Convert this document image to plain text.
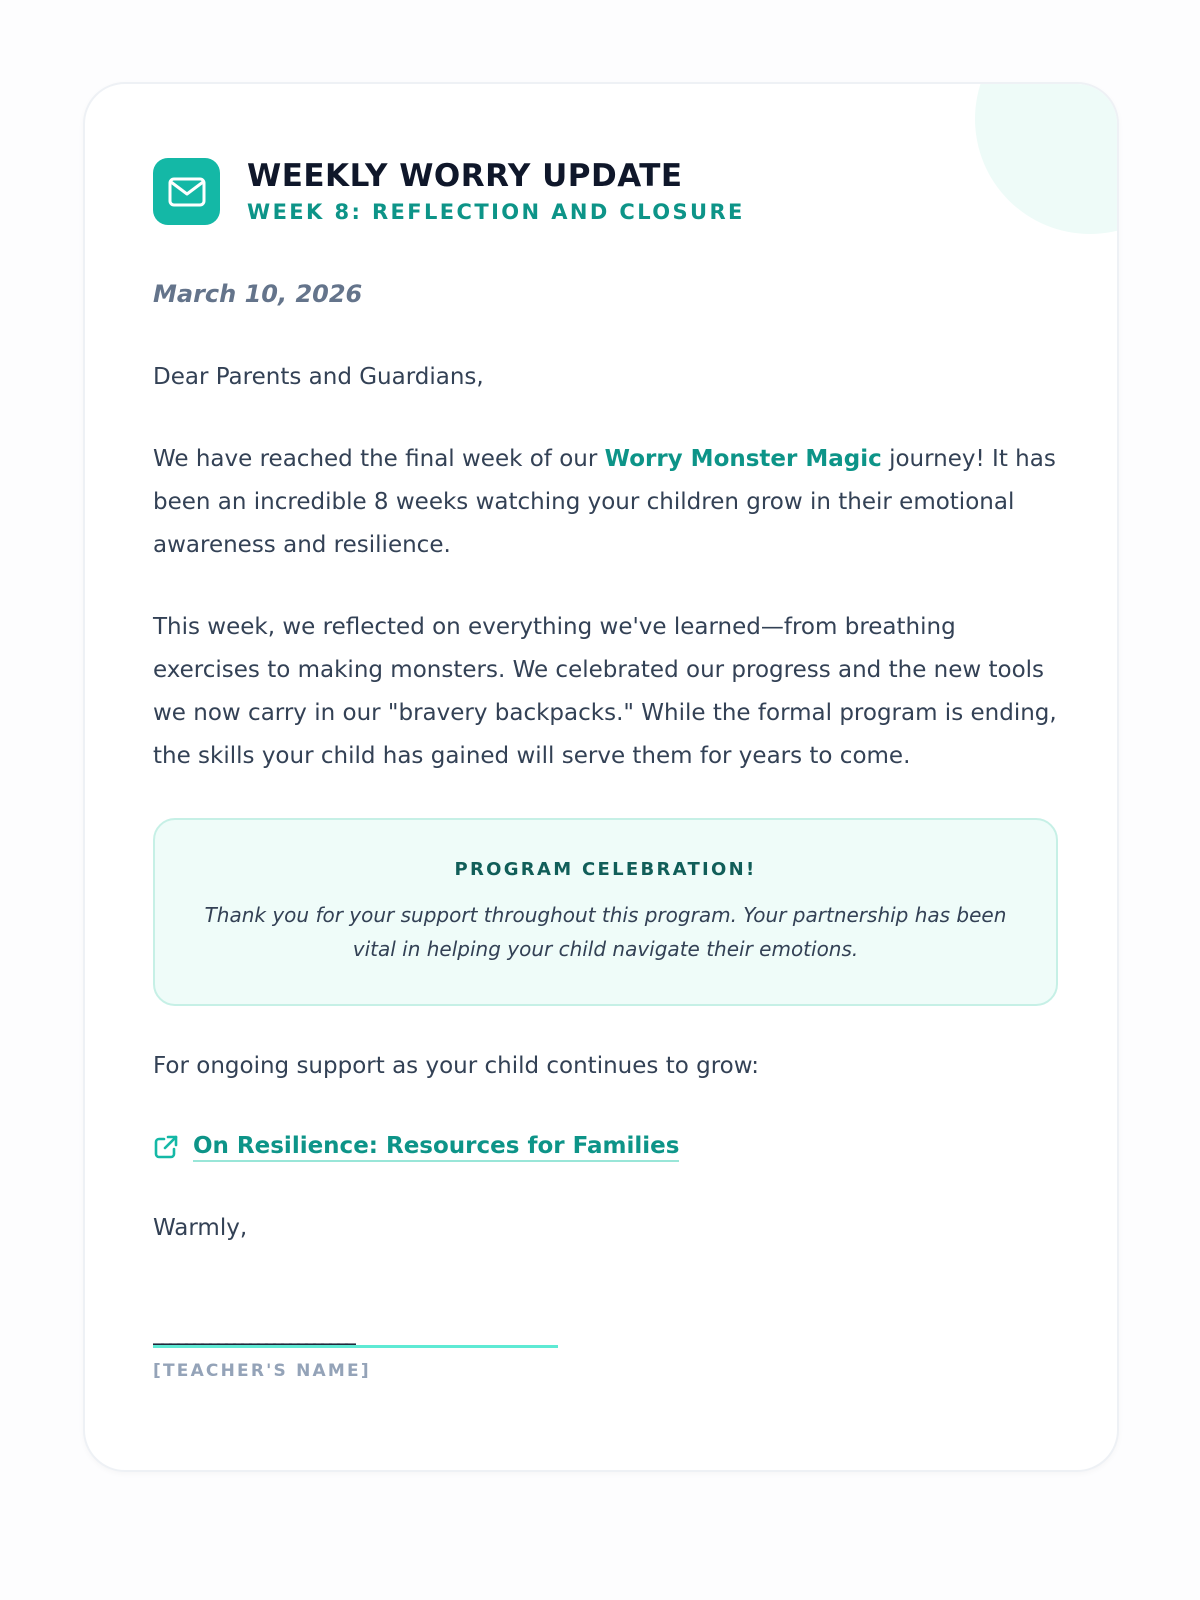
WEEKLY WORRY UPDATE
WEEK 8: REFLECTION AND CLOSURE
March 10, 2026

Dear Parents and Guardians,

We have reached the final week of our Worry Monster Magic journey! It has been an incredible 8 weeks watching your children grow in their emotional awareness and resilience.

This week, we reflected on everything we've learned—from breathing exercises to making monsters. We celebrated our progress and the new tools we now carry in our "bravery backpacks." While the formal program is ending, the skills your child has gained will serve them for years to come.

PROGRAM CELEBRATION!
Thank you for your support throughout this program. Your partnership has been vital in helping your child navigate their emotions.

For ongoing support as your child continues to grow:

On Resilience: Resources for Families

Warmly,

_________________________
[TEACHER'S NAME]
